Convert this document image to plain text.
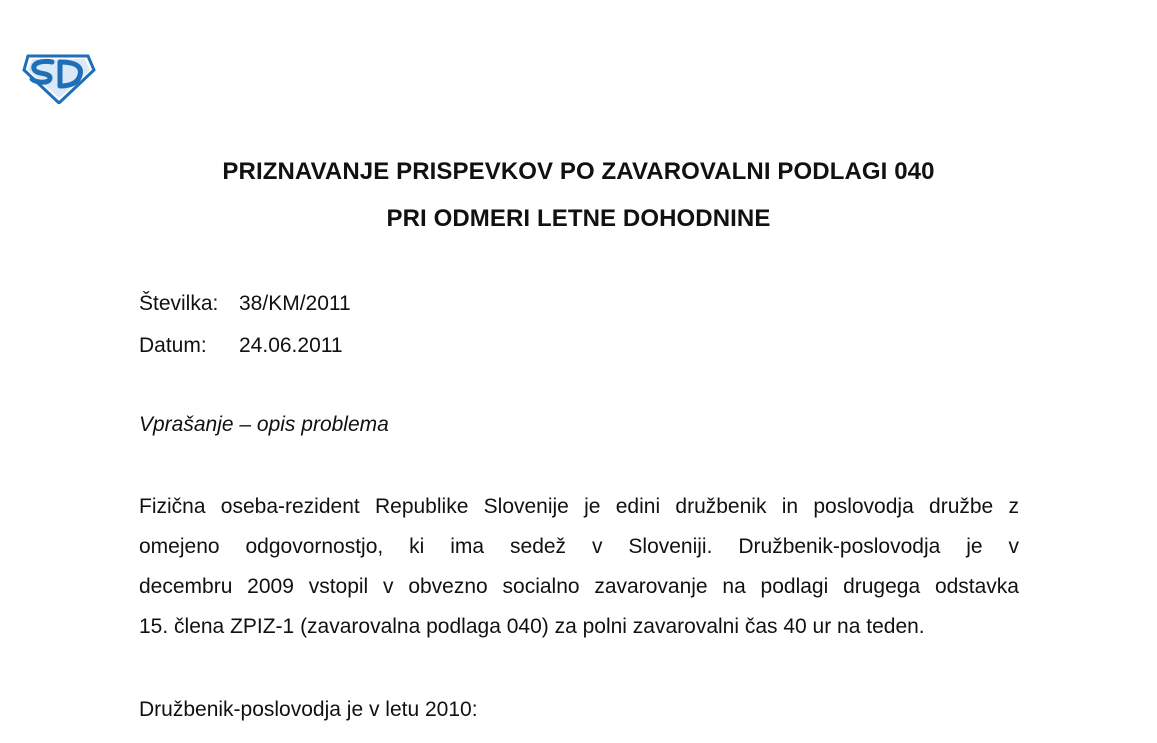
PRIZNAVANJE PRISPEVKOV PO ZAVAROVALNI PODLAGI 040
PRI ODMERI LETNE DOHODNINE
Številka: 38/KM/2011
Datum: 24.06.2011
Vprašanje – opis problema
Fizična oseba-rezident Republike Slovenije je edini družbenik in poslovodja družbe z
omejeno odgovornostjo, ki ima sedež v Sloveniji. Družbenik-poslovodja je v
decembru 2009 vstopil v obvezno socialno zavarovanje na podlagi drugega odstavka
15. člena ZPIZ-1 (zavarovalna podlaga 040) za polni zavarovalni čas 40 ur na teden.
Družbenik-poslovodja je v letu 2010:
